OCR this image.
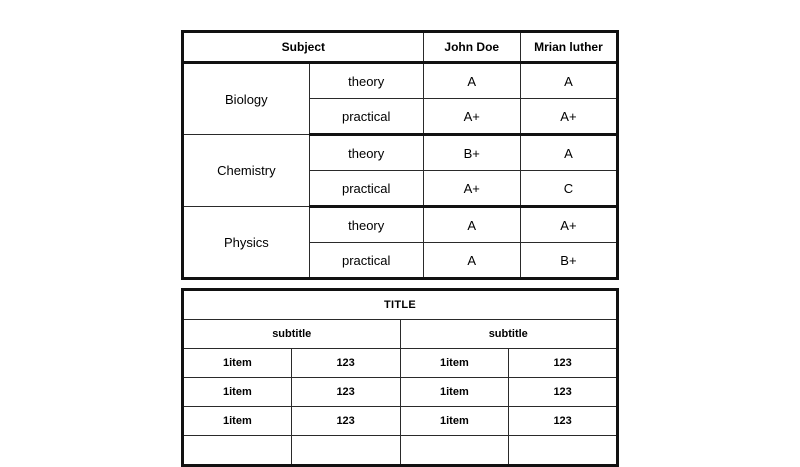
Subject		John Doe	Mrian luther
Biology	theory	A	A
	practical	A+	A+
Chemistry	theory	B+	A
	practical	A+	C
Physics	theory	A	A+
	practical	A	B+
TITLE			
subtitle		subtitle	
1item	123	1item	123
1item	123	1item	123
1item	123	1item	123
